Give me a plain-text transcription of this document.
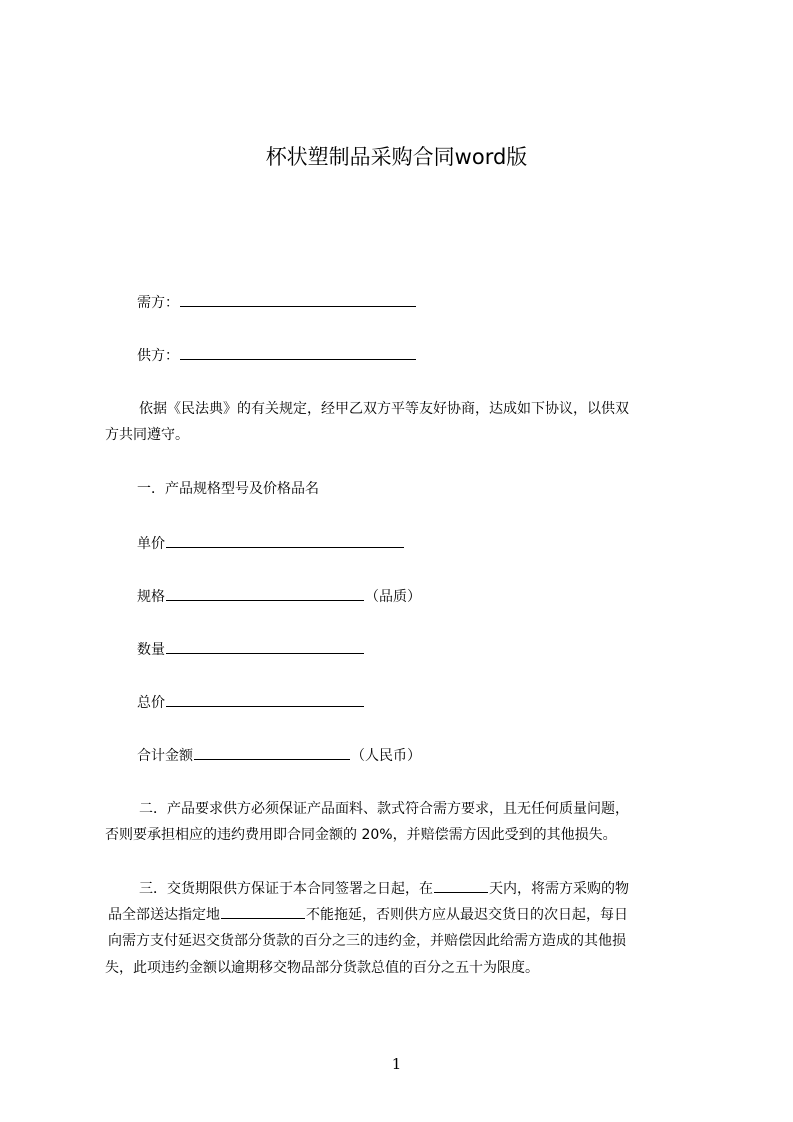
杯状塑制品采购合同word版
需方：
供方：
依据《民法典》的有关规定，经甲乙双方平等友好协商，达成如下协议，以供双
方共同遵守。
一．产品规格型号及价格品名
单价
规格	（品质）
数量
总价
合计金额	（人民币）
二．产品要求供方必须保证产品面料、款式符合需方要求，且无任何质量问题，
否则要承担相应的违约费用即合同金额的 20%，并赔偿需方因此受到的其他损失。
三．交货期限供方保证于本合同签署之日起，在	天内，将需方采购的物
品全部送达指定地	不能拖延，否则供方应从最迟交货日的次日起，每日
向需方支付延迟交货部分货款的百分之三的违约金，并赔偿因此给需方造成的其他损
失，此项违约金额以逾期移交物品部分货款总值的百分之五十为限度。
1
